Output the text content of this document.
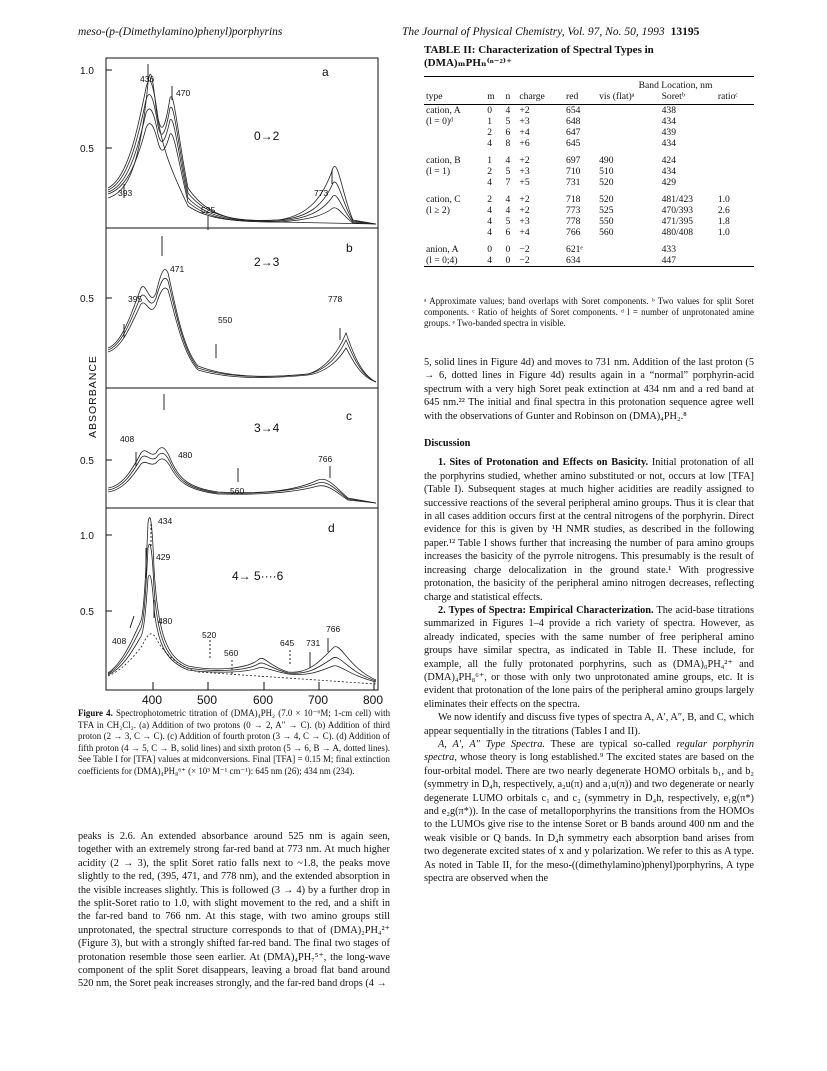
meso-(p-(Dimethylamino)phenyl)porphyrins	The Journal of Physical Chemistry, Vol. 97, No. 50, 1993 13195
1.0
0.5
0.5
0.5
1.0
0.5
400	500	600	700	800
ABSORBANCE
a
0→2
b
2→3
c
3→4
d
4→ 5····6
436
470
393
525
773
471
395
550
778
408
480
560
766
434
429
480
408
520
560
645 731
766
Figure 4. Spectrophotometric titration of (DMA)₄PH₂ (7.0 × 10⁻⁶M; 1-cm cell) with TFA in CH₂Cl₂. (a) Addition of two protons (0 → 2, A″ → C). (b) Addition of third proton (2 → 3, C → C). (c) Addition of fourth proton (3 → 4, C → C). (d) Addition of fifth proton (4 → 5, C → B, solid lines) and sixth proton (5 → 6, B → A, dotted lines). See Table I for [TFA] values at midconversions. Final [TFA] = 0.15 M; final extinction coefficients for (DMA)₄PH₈⁶⁺ (× 10³ M⁻¹ cm⁻¹): 645 nm (26); 434 nm (234).

peaks is 2.6. An extended absorbance around 525 nm is again seen, together with an extremely strong far-red band at 773 nm. At much higher acidity (2 → 3), the split Soret ratio falls next to ~1.8, the peaks move slightly to the red, (395, 471, and 778 nm), and the extended absorption in the visible increases slightly. This is followed (3 → 4) by a further drop in the split-Soret ratio to 1.0, with slight movement to the red, and a shift in the far-red band to 766 nm. At this stage, with two amino groups still unprotonated, the spectral structure corresponds to that of (DMA)₂PH₄²⁺ (Figure 3), but with a strongly shifted far-red band. The final two stages of protonation resemble those seen earlier. At (DMA)₄PH₇⁵⁺, the long-wave component of the split Soret disappears, leaving a broad flat band around 520 nm, the Soret peak increases strongly, and the far-red band drops (4 →

TABLE II: Characterization of Spectral Types in
(DMA)ₘPHₙ⁽ⁿ⁻²⁾⁺
					Band Location, nm		
type	m	n	charge	red	vis (flat)ᵃ	Soretᵇ	ratioᶜ
cation, A	0	4	+2	654		438	
(l = 0)ᵈ	1	5	+3	648		434	
	2	6	+4	647		439	
	4	8	+6	645		434	
cation, B	1	4	+2	697	490	424	
(l = 1)	2	5	+3	710	510	434	
	4	7	+5	731	520	429	
cation, C	2	4	+2	718	520	481/423	1.0
(l ≥ 2)	4	4	+2	773	525	470/393	2.6
	4	5	+3	778	550	471/395	1.8
	4	6	+4	766	560	480/408	1.0
anion, A	0	0	−2	621ᵉ		433	
(l = 0;4)	4	0	−2	634		447	
ᵃ Approximate values; band overlaps with Soret components. ᵇ Two values for split Soret components. ᶜ Ratio of heights of Soret components. ᵈ l = number of unprotonated amine groups. ᵉ Two-banded spectra in visible.

5, solid lines in Figure 4d) and moves to 731 nm. Addition of the last proton (5 → 6, dotted lines in Figure 4d) results again in a “normal” porphyrin-acid spectrum with a very high Soret peak extinction at 434 nm and a red band at 645 nm.²² The initial and final spectra in this protonation sequence agree well with the observations of Gunter and Robinson on (DMA)₄PH₂.⁸

Discussion

1. Sites of Protonation and Effects on Basicity. Initial protonation of all the porphyrins studied, whether amino substituted or not, occurs at low [TFA] (Table I). Subsequent stages at much higher acidities are readily assigned to successive reactions of the several peripheral amino groups. Thus it is clear that in all cases addition occurs first at the central nitrogens of the porphyrin. Direct evidence for this is given by ¹H NMR studies, as described in the following paper.¹² Table I shows further that increasing the number of para amino groups increases the basicity of the pyrrole nitrogens. This presumably is the result of increasing charge delocalization in the ground state.¹ With progressive protonation, the basicity of the peripheral amino nitrogen decreases, reflecting charge and statistical effects.

2. Types of Spectra: Empirical Characterization. The acid-base titrations summarized in Figures 1–4 provide a rich variety of spectra. However, as already indicated, species with the same number of free peripheral amino groups have similar spectra, as indicated in Table II. These include, for example, all the fully protonated porphyrins, such as (DMA)₀PH₄²⁺ and (DMA)₄PH₈⁶⁺, or those with only two unprotonated amine groups, etc. It is evident that protonation of the lone pairs of the peripheral amino groups largely eliminates their effects on the spectra.

We now identify and discuss five types of spectra A, A′, A″, B, and C, which appear sequentially in the titrations (Tables I and II).

A, A′, A″ Type Spectra. These are typical so-called regular porphyrin spectra, whose theory is long established.⁹ The excited states are based on the four-orbital model. There are two nearly degenerate HOMO orbitals b₁, and b₂ (symmetry in D₄h, respectively, a₂u(π) and a₁u(π)) and two degenerate or nearly degenerate LUMO orbitals c₁ and c₂ (symmetry in D₄h, respectively, e₁g(π*) and e₂g(π*)). In the case of metalloporphyrins the transitions from the HOMOs to the LUMOs give rise to the intense Soret or B bands around 400 nm and the weak visible or Q bands. In D₄h symmetry each absorption band arises from two degenerate excited states of x and y polarization. We refer to this as A type. As noted in Table II, for the meso-((dimethylamino)phenyl)porphyrins, A type spectra are observed when the
